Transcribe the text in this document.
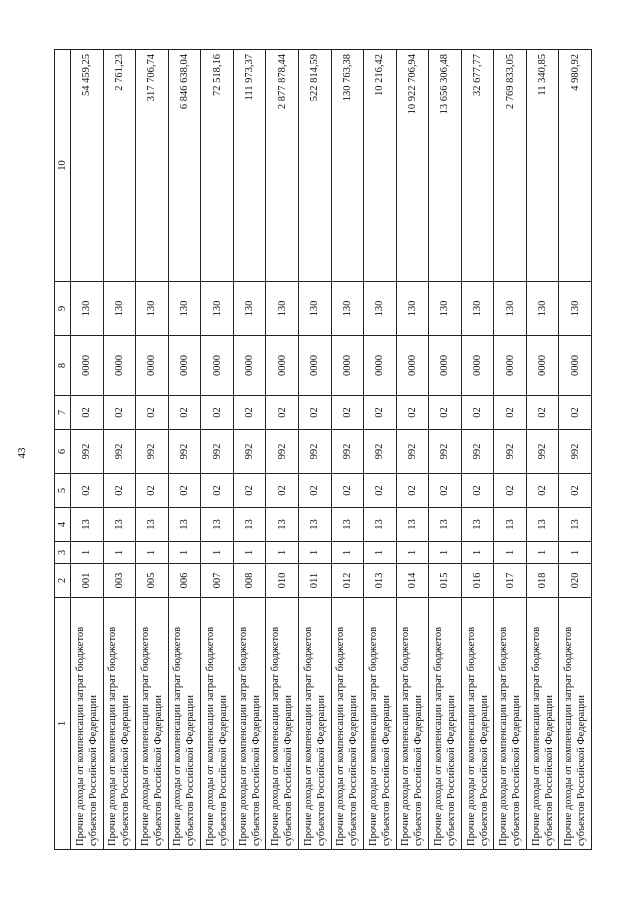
43
1	2	3	4	5	6	7	8	9	10
Прочие доходы от компенсации затрат бюджетов субъектов Российской Федерации	001	1	13	02	992	02	0000	130	54 459,25
Прочие доходы от компенсации затрат бюджетов субъектов Российской Федерации	003	1	13	02	992	02	0000	130	2 761,23
Прочие доходы от компенсации затрат бюджетов субъектов Российской Федерации	005	1	13	02	992	02	0000	130	317 706,74
Прочие доходы от компенсации затрат бюджетов субъектов Российской Федерации	006	1	13	02	992	02	0000	130	6 846 638,04
Прочие доходы от компенсации затрат бюджетов субъектов Российской Федерации	007	1	13	02	992	02	0000	130	72 518,16
Прочие доходы от компенсации затрат бюджетов субъектов Российской Федерации	008	1	13	02	992	02	0000	130	111 973,37
Прочие доходы от компенсации затрат бюджетов субъектов Российской Федерации	010	1	13	02	992	02	0000	130	2 877 878,44
Прочие доходы от компенсации затрат бюджетов субъектов Российской Федерации	011	1	13	02	992	02	0000	130	522 814,59
Прочие доходы от компенсации затрат бюджетов субъектов Российской Федерации	012	1	13	02	992	02	0000	130	130 763,38
Прочие доходы от компенсации затрат бюджетов субъектов Российской Федерации	013	1	13	02	992	02	0000	130	10 216,42
Прочие доходы от компенсации затрат бюджетов субъектов Российской Федерации	014	1	13	02	992	02	0000	130	10 922 706,94
Прочие доходы от компенсации затрат бюджетов субъектов Российской Федерации	015	1	13	02	992	02	0000	130	13 656 306,48
Прочие доходы от компенсации затрат бюджетов субъектов Российской Федерации	016	1	13	02	992	02	0000	130	32 677,77
Прочие доходы от компенсации затрат бюджетов субъектов Российской Федерации	017	1	13	02	992	02	0000	130	2 769 833,05
Прочие доходы от компенсации затрат бюджетов субъектов Российской Федерации	018	1	13	02	992	02	0000	130	11 340,85
Прочие доходы от компенсации затрат бюджетов субъектов Российской Федерации	020	1	13	02	992	02	0000	130	4 980,92
